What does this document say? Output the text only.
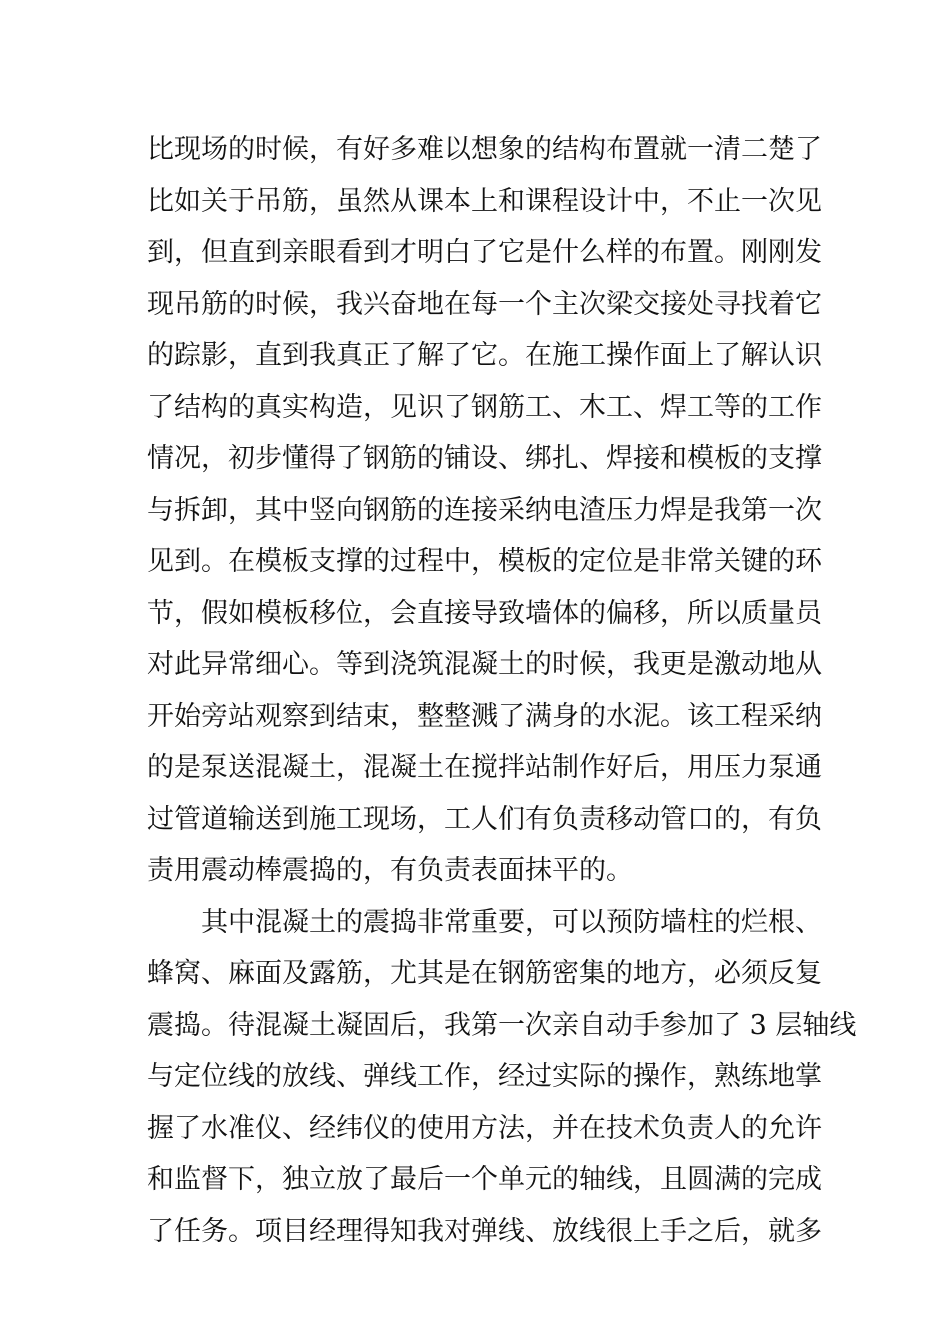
比现场的时候，有好多难以想象的结构布置就一清二楚了
比如关于吊筋，虽然从课本上和课程设计中，不止一次见
到，但直到亲眼看到才明白了它是什么样的布置。刚刚发
现吊筋的时候，我兴奋地在每一个主次梁交接处寻找着它
的踪影，直到我真正了解了它。在施工操作面上了解认识
了结构的真实构造，见识了钢筋工、木工、焊工等的工作
情况，初步懂得了钢筋的铺设、绑扎、焊接和模板的支撑
与拆卸，其中竖向钢筋的连接采纳电渣压力焊是我第一次
见到。在模板支撑的过程中，模板的定位是非常关键的环
节，假如模板移位，会直接导致墙体的偏移，所以质量员
对此异常细心。等到浇筑混凝土的时候，我更是激动地从
开始旁站观察到结束，整整溅了满身的水泥。该工程采纳
的是泵送混凝土，混凝土在搅拌站制作好后，用压力泵通
过管道输送到施工现场，工人们有负责移动管口的，有负
责用震动棒震捣的，有负责表面抹平的。
其中混凝土的震捣非常重要，可以预防墙柱的烂根、
蜂窝、麻面及露筋，尤其是在钢筋密集的地方，必须反复
震捣。待混凝土凝固后，我第一次亲自动手参加了 3 层轴线
与定位线的放线、弹线工作，经过实际的操作，熟练地掌
握了水准仪、经纬仪的使用方法，并在技术负责人的允许
和监督下，独立放了最后一个单元的轴线，且圆满的完成
了任务。项目经理得知我对弹线、放线很上手之后，就多
